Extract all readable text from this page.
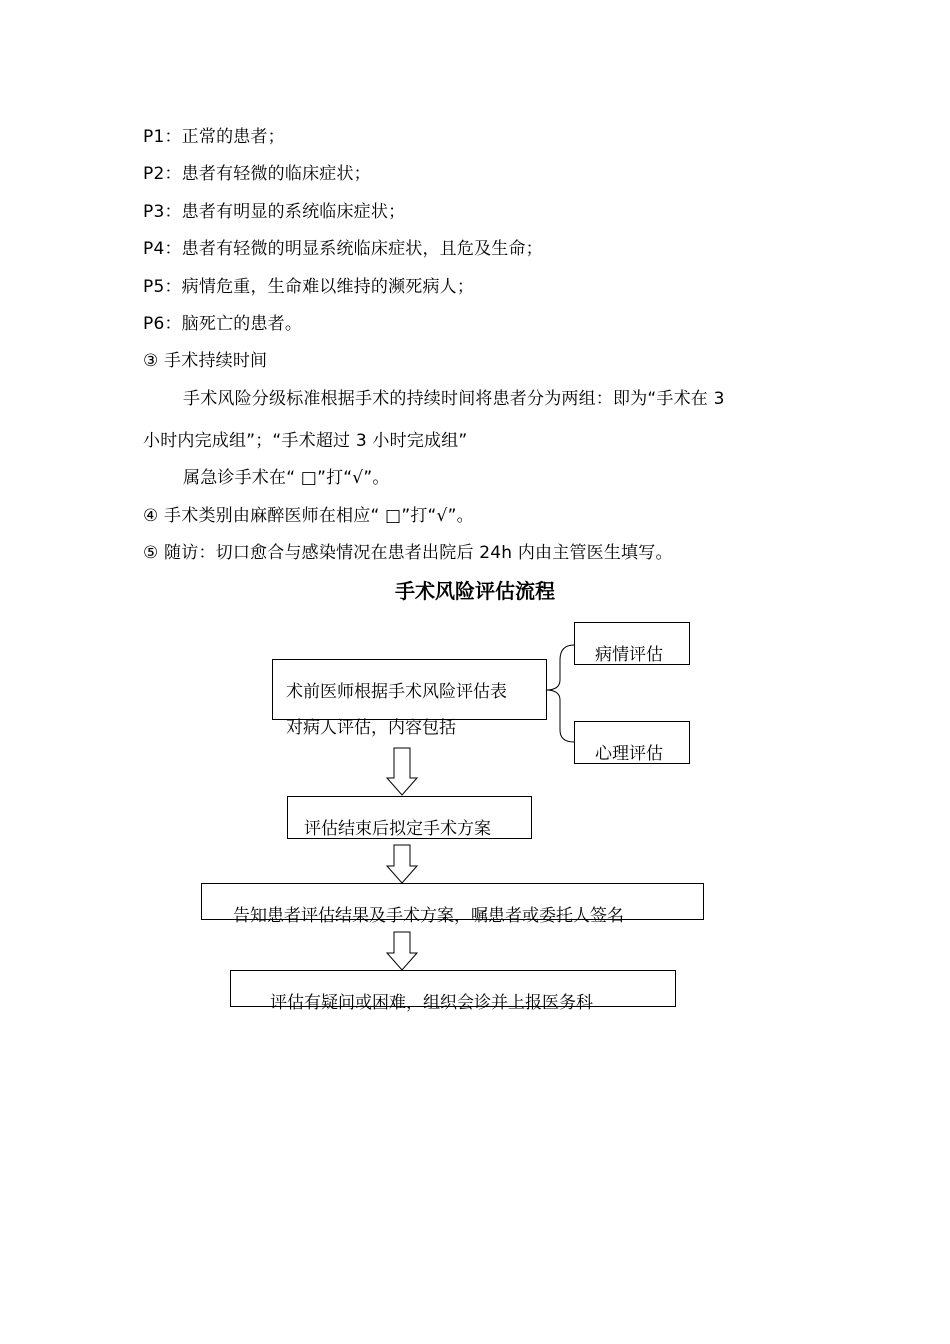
P1：正常的患者；
P2：患者有轻微的临床症状；
P3：患者有明显的系统临床症状；
P4：患者有轻微的明显系统临床症状，且危及生命；
P5：病情危重，生命难以维持的濒死病人；
P6：脑死亡的患者。
③ 手术持续时间
手术风险分级标准根据手术的持续时间将患者分为两组：即为“手术在 3
小时内完成组”；“手术超过 3 小时完成组”
属急诊手术在“ □”打“√”。
④ 手术类别由麻醉医师在相应“ □”打“√”。
⑤ 随访：切口愈合与感染情况在患者出院后 24h 内由主管医生填写。
手术风险评估流程
术前医师根据手术风险评估表
对病人评估，内容包括
病情评估
心理评估
评估结束后拟定手术方案
告知患者评估结果及手术方案，嘱患者或委托人签名
评估有疑问或困难，组织会诊并上报医务科
